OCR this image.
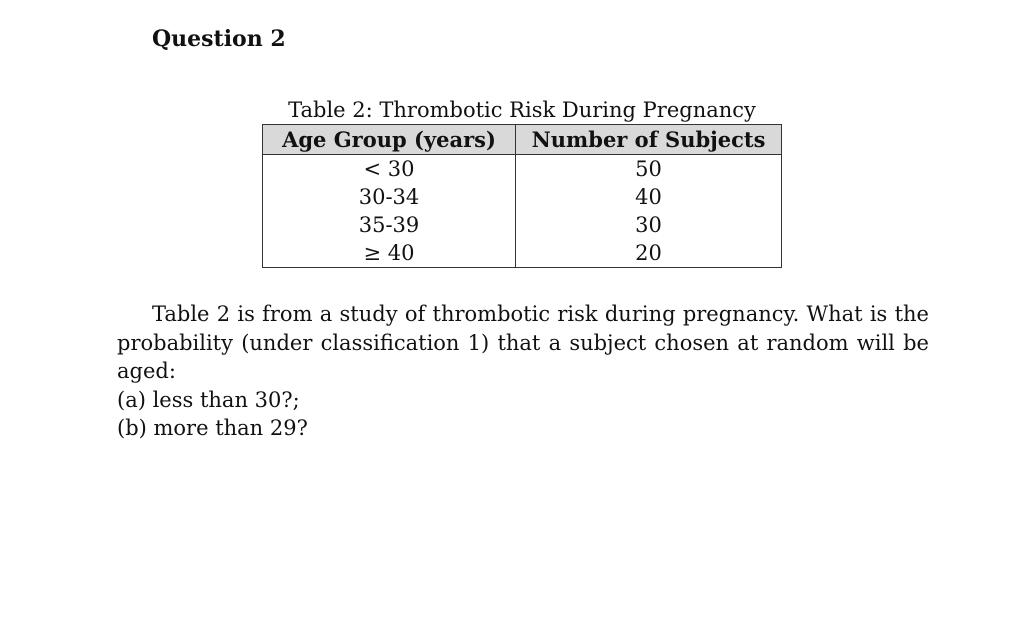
Question 2
Table 2: Thrombotic Risk During Pregnancy
Age Group (years)	Number of Subjects
< 30	50
30-34	40
35-39	30
≥ 40	20

Table 2 is from a study of thrombotic risk during pregnancy. What is the probability (under classification 1) that a subject chosen at random will be aged:

(a) less than 30?;

(b) more than 29?
